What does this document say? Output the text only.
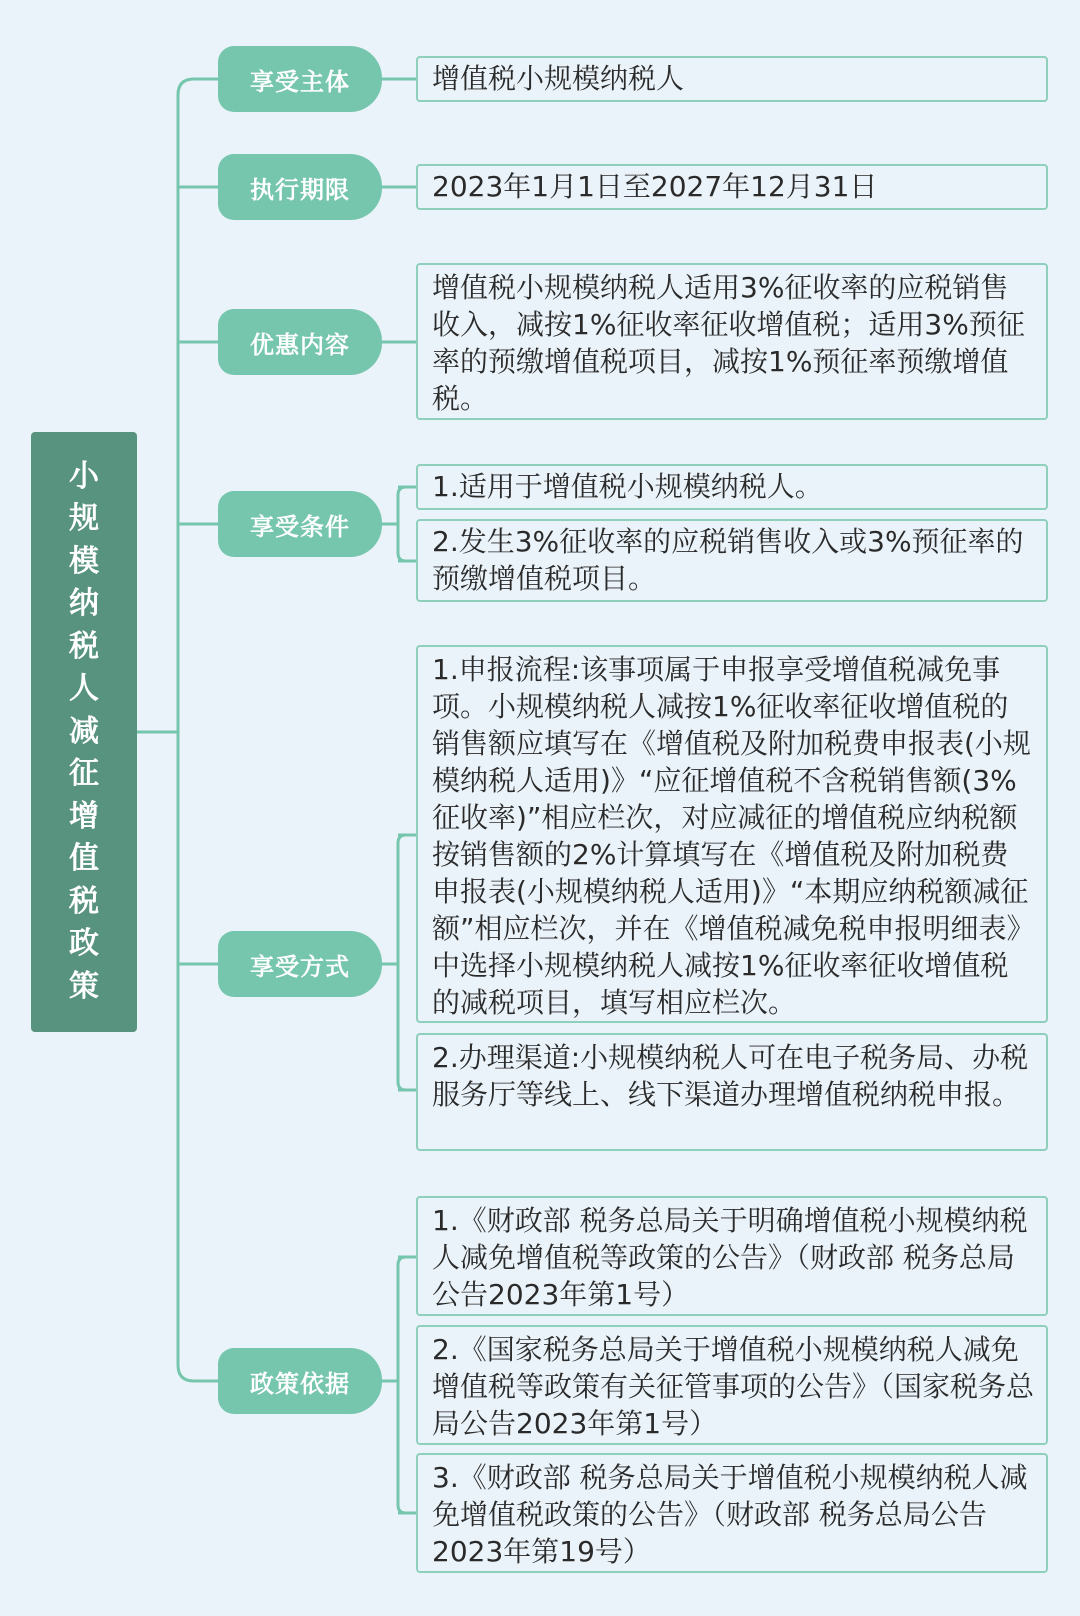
小规模纳税人减征增值税政策
享受主体	增值税小规模纳税人
执行期限	2023年1月1日至2027年12月31日
优惠内容
增值税小规模纳税人适用3%征收率的应税销售收入，减按1%征收率征收增值税；适用3%预征率的预缴增值税项目，减按1%预征率预缴增值税。
享受条件
1.适用于增值税小规模纳税人。
2.发生3%征收率的应税销售收入或3%预征率的预缴增值税项目。
享受方式
1.申报流程:该事项属于申报享受增值税减免事项。小规模纳税人减按1%征收率征收增值税的销售额应填写在《增值税及附加税费申报表(小规模纳税人适用)》“应征增值税不含税销售额(3%征收率)”相应栏次，对应减征的增值税应纳税额按销售额的2%计算填写在《增值税及附加税费申报表(小规模纳税人适用)》“本期应纳税额减征额”相应栏次，并在《增值税减免税申报明细表》中选择小规模纳税人减按1%征收率征收增值税的减税项目，填写相应栏次。
2.办理渠道:小规模纳税人可在电子税务局、办税服务厅等线上、线下渠道办理增值税纳税申报。
政策依据
1.《财政部 税务总局关于明确增值税小规模纳税人减免增值税等政策的公告》（财政部 税务总局公告2023年第1号）
2.《国家税务总局关于增值税小规模纳税人减免增值税等政策有关征管事项的公告》（国家税务总局公告2023年第1号）
3.《财政部 税务总局关于增值税小规模纳税人减免增值税政策的公告》（财政部 税务总局公告2023年第19号）
